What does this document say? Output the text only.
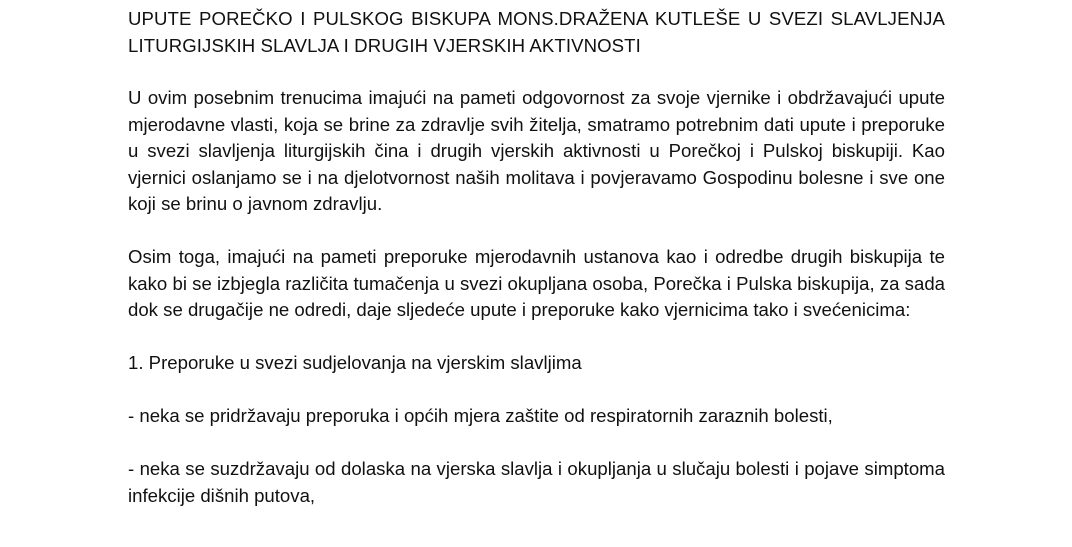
UPUTE POREČKO I PULSKOG BISKUPA MONS.DRAŽENA KUTLEŠE U SVEZI SLAVLJENJA LITURGIJSKIH SLAVLJA I DRUGIH VJERSKIH AKTIVNOSTI

U ovim posebnim trenucima imajući na pameti odgovornost za svoje vjernike i obdržavajući upute mjerodavne vlasti, koja se brine za zdravlje svih žitelja, smatramo potrebnim dati upute i preporuke u svezi slavljenja liturgijskih čina i drugih vjerskih aktivnosti u Porečkoj i Pulskoj biskupiji. Kao vjernici oslanjamo se i na djelotvornost naših molitava i povjeravamo Gospodinu bolesne i sve one koji se brinu o javnom zdravlju.

Osim toga, imajući na pameti preporuke mjerodavnih ustanova kao i odredbe drugih biskupija te kako bi se izbjegla različita tumačenja u svezi okupljana osoba, Porečka i Pulska biskupija, za sada dok se drugačije ne odredi, daje sljedeće upute i preporuke kako vjernicima tako i svećenicima:

1. Preporuke u svezi sudjelovanja na vjerskim slavljima

- neka se pridržavaju preporuka i općih mjera zaštite od respiratornih zaraznih bolesti,

- neka se suzdržavaju od dolaska na vjerska slavlja i okupljanja u slučaju bolesti i pojave simptoma infekcije dišnih putova,
